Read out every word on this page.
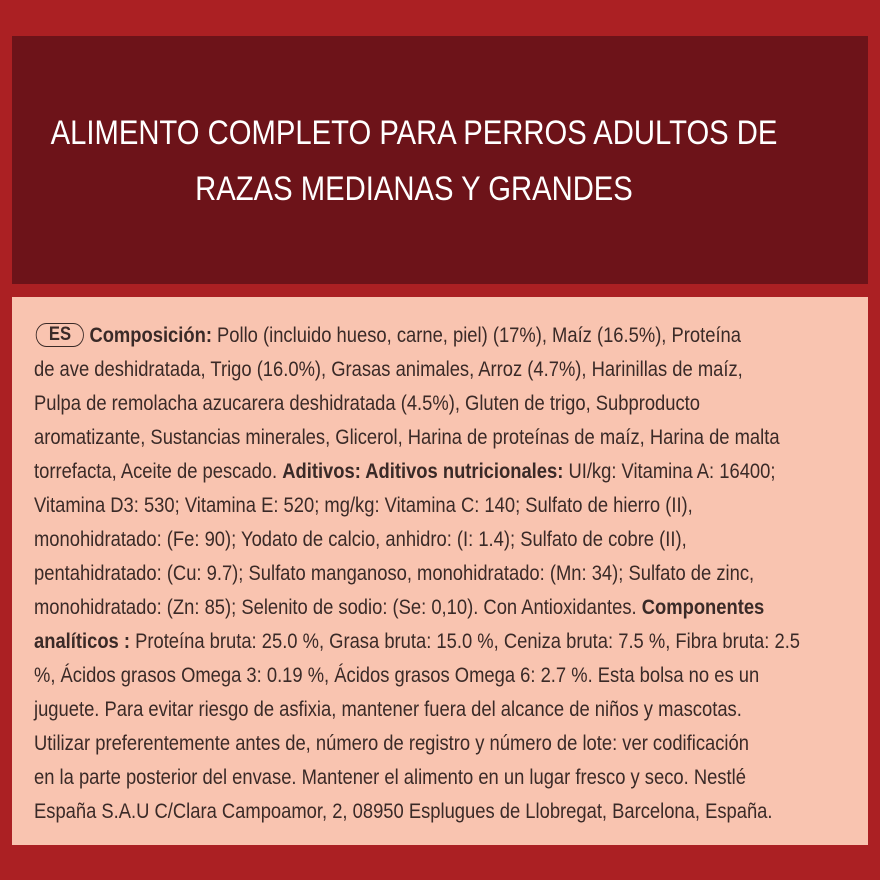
ALIMENTO COMPLETO PARA PERROS ADULTOS DE
RAZAS MEDIANAS Y GRANDES
ES Composición: Pollo (incluido hueso, carne, piel) (17%), Maíz (16.5%), Proteína
de ave deshidratada, Trigo (16.0%), Grasas animales, Arroz (4.7%), Harinillas de maíz,
Pulpa de remolacha azucarera deshidratada (4.5%), Gluten de trigo, Subproducto
aromatizante, Sustancias minerales, Glicerol, Harina de proteínas de maíz, Harina de malta
torrefacta, Aceite de pescado. Aditivos: Aditivos nutricionales: UI/kg: Vitamina A: 16400;
Vitamina D3: 530; Vitamina E: 520; mg/kg: Vitamina C: 140; Sulfato de hierro (II),
monohidratado: (Fe: 90); Yodato de calcio, anhidro: (I: 1.4); Sulfato de cobre (II),
pentahidratado: (Cu: 9.7); Sulfato manganoso, monohidratado: (Mn: 34); Sulfato de zinc,
monohidratado: (Zn: 85); Selenito de sodio: (Se: 0,10). Con Antioxidantes. Componentes
analíticos : Proteína bruta: 25.0 %, Grasa bruta: 15.0 %, Ceniza bruta: 7.5 %, Fibra bruta: 2.5
%, Ácidos grasos Omega 3: 0.19 %, Ácidos grasos Omega 6: 2.7 %. Esta bolsa no es un
juguete. Para evitar riesgo de asfixia, mantener fuera del alcance de niños y mascotas.
Utilizar preferentemente antes de, número de registro y número de lote: ver codificación
en la parte posterior del envase. Mantener el alimento en un lugar fresco y seco. Nestlé
España S.A.U C/Clara Campoamor, 2, 08950 Esplugues de Llobregat, Barcelona, España.
